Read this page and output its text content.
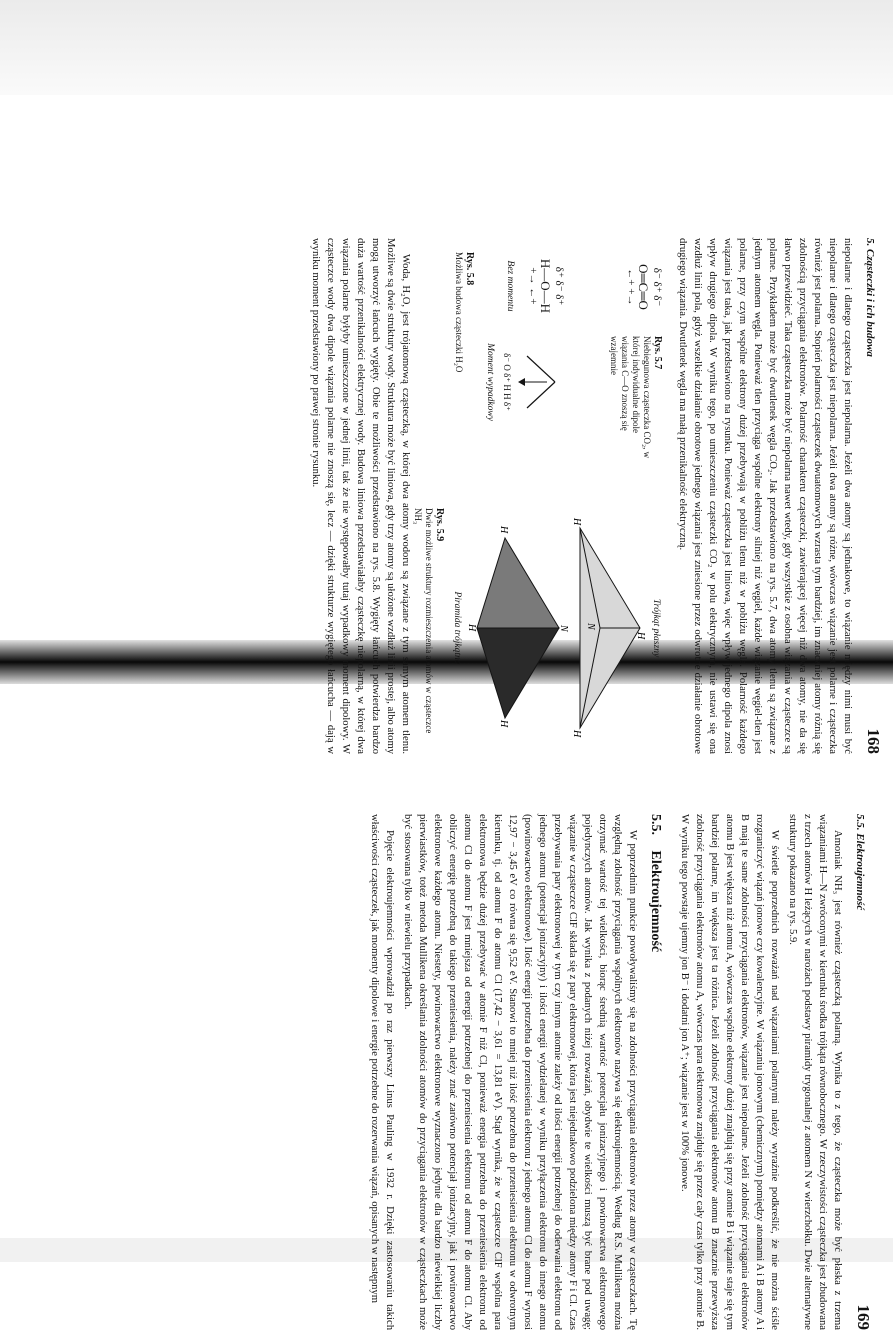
5. Cząsteczki i ich budowa
168

niepolarne i dlatego cząsteczka jest niepolarna. Jeżeli dwa atomy są jednakowe, to wiązanie między nimi musi być niepolarne i dlatego cząsteczka jest niepolarna. Jeżeli dwa atomy są różne, wówczas wiązanie jest polarne i cząsteczka również jest polarna. Stopień polarności cząsteczek dwuatomowych wzrasta tym bardziej, im znaczniej atomy różnią się zdolnością przyciągania elektronów. Polarność charakteru cząsteczki, zawierającej więcej niż dwa atomy, nie da się łatwo przewidzieć. Taka cząsteczka może być niepolarna nawet wtedy, gdy wszystkie z osobna wiązania w cząsteczce są polarne. Przykładem może być dwutlenek węgla CO₂. Jak przedstawiono na rys. 5.7, dwa atomy tlenu są związane z jednym atomem węgla. Ponieważ tlen przyciąga wspólne elektrony silniej niż węgiel, każde wiązanie węgiel-tlen jest polarne, przy czym wspólne elektrony dużej przebywają w pobliżu tlenu niż w pobliżu węgla. Polarność każdego wiązania jest taka, jak przedstawiono na rysunku. Ponieważ cząsteczka jest liniowa, więc wpływ jednego dipola znosi wpływ drugiego dipola. W wyniku tego, po umieszczeniu cząsteczki CO₂ w polu elektrycznym, nie ustawi się ona wzdłuż linii pola, gdyż wszelkie działanie obrotowe jednego wiązania jest zniesione przez odwrotne działanie obrotowe drugiego wiązania. Dwutlenek węgla ma małą przenikalność elektryczną.

δ⁻ δ⁺ δ⁻
O═C═O
←+ +→
Rys. 5.7
Niebiegunowa cząsteczka CO₂, w której indywidualne dipole wiązania C—O znoszą się wzajemnie
δ⁺ δ⁻ δ⁺
H—O—H
+→ ←+
Bez momentu
δ⁻ O δ⁺ H H δ⁺
Moment wypadkowy
Rys. 5.8
Możliwa budowa cząsteczki H₂O
Trójkąt płaszny
N
H
H
H

N
H
H
H
Piramida trójkątna
Rys. 5.9
Dwie możliwe struktury rozmieszczenia atomów w cząsteczce NH₃

Woda, H₂O, jest trójatomową cząsteczką, w której dwa atomy wodoru są związane z tym samym atomem tlenu. Możliwe są dwie struktury wody. Struktura może być liniowa, gdy trzy atomy są ułożone wzdłuż linii prostej, albo atomy mogą utworzyć łańcuch wygięty. Obie te możliwości przedstawiono na rys. 5.8. Wygięty łańcuch potwierdza bardzo duża wartość przenikalności elektrycznej wody. Budowa liniowa przedstawiałaby cząsteczkę niepolarną, w której dwa wiązania polarne byłyby umieszczone w jednej linii, tak że nie występowałby tutaj wypadkowy moment dipolowy. W cząsteczce wody dwa dipole wiązania polarne nie znoszą się, lecz — dzięki strukturze wygiętego łańcucha — dają w wyniku moment przedstawiony po prawej stronie rysunku.

5.5. Elektroujemność
169

Amoniak NH₃ jest również cząsteczką polarną. Wynika to z tego, że cząsteczka może być płaska z trzema wiązaniami H—N zwróconymi w kierunku środka trójkąta równobocznego. W rzeczywistości cząsteczka jest zbudowana z trzech atomów H leżących w narożach podstawy piramidy trygonalnej z atomem N w wierzchołku. Dwie alternatywne struktury pokazano na rys. 5.9.

W świetle poprzednich rozważań nad wiązaniami polarnymi należy wyraźnie podkreślić, że nie można ściśle rozgraniczyć wiązań jonowe czy kowalencyjne. W wiązaniu jonowym (chemicznym) pomiędzy atomami A i B atomy A i B mają te same zdolności przyciągania elektronów, wiązanie jest niepolarne. Jeżeli zdolność przyciągania elektronów atomu B jest większa niż atomu A, wówczas wspólne elektrony dużej znajdują się przy atomie B i wiązanie staje się tym bardziej polarne, im większa jest ta różnica. Jeżeli zdolność przyciągania elektronów atomu B znacznie przewyższa zdolność przyciągania elektronów atomu A, wówczas para elektronowa znajduje się przez cały czas tylko przy atomie B. W wyniku tego powstaje ujemny jon B⁻ i dodatni jon A⁺; wiązanie jest w 100% jonowe.

5.5. Elektroujemność

W poprzednim punkcie powoływaliśmy się na zdolności przyciągania elektronów przez atomy w cząsteczkach. Tę względną zdolność przyciągania wspólnych elektronów nazywa się elektroujemnością. Według R.S. Mullikena można otrzymać wartość tej wielkości, biorąc średnią wartość potencjału jonizacyjnego i powinowactwa elektronowego pojedynczych atomów. Jak wynika z podanych niżej rozważań, obydwie te wielkości muszą być brane pod uwagę; wiązanie w cząsteczce ClF składa się z pary elektronowej, która jest niejednakowo podzielona między atomy F i Cl. Czas przebywania pary elektronowej w tym czy innym atomie zależy od ilości energii potrzebnej do oderwania elektronu od jednego atomu (potencjał jonizacyjny) i ilości energii wydzielanej w wyniku przyłączenia elektronu do innego atomu (powinowactwo elektronowe). Ilość energii potrzebna do przeniesienia elektronu z jednego atomu Cl do atomu F wynosi 12,97 − 3,45 eV co równa się 9,52 eV. Stanowi to mniej niż ilość potrzebna do przeniesienia elektronu w odwrotnym kierunku, tj. od atomu F do atomu Cl (17,42 − 3,61 = 13,81 eV). Stąd wynika, że w cząsteczce ClF wspólna para elektronowa będzie dużej przebywać w atomie F niż Cl, ponieważ energia potrzebna do przeniesienia elektronu od atomu Cl do atomu F jest mniejsza od energii potrzebnej do przeniesienia elektronu od atomu F do atomu Cl. Aby obliczyć energię potrzebną do takiego przeniesienia, należy znać zarówno potencjał jonizacyjny, jak i powinowactwo elektronowe każdego atomu. Niestety, powinowactwo elektronowe wyznaczono jedynie dla bardzo niewielkiej liczby pierwiastków, toteż metoda Mullikena określania zdolności atomów do przyciągania elektronów w cząsteczkach może być stosowana tylko w niewielu przypadkach.

Pojęcie elektroujemności wprowadził po raz pierwszy Linus Pauling w 1932 r. Dzięki zastosowaniu takich właściwości cząsteczek, jak momenty dipolowe i energie potrzebne do rozerwania wiązań, opisanych w następnym
